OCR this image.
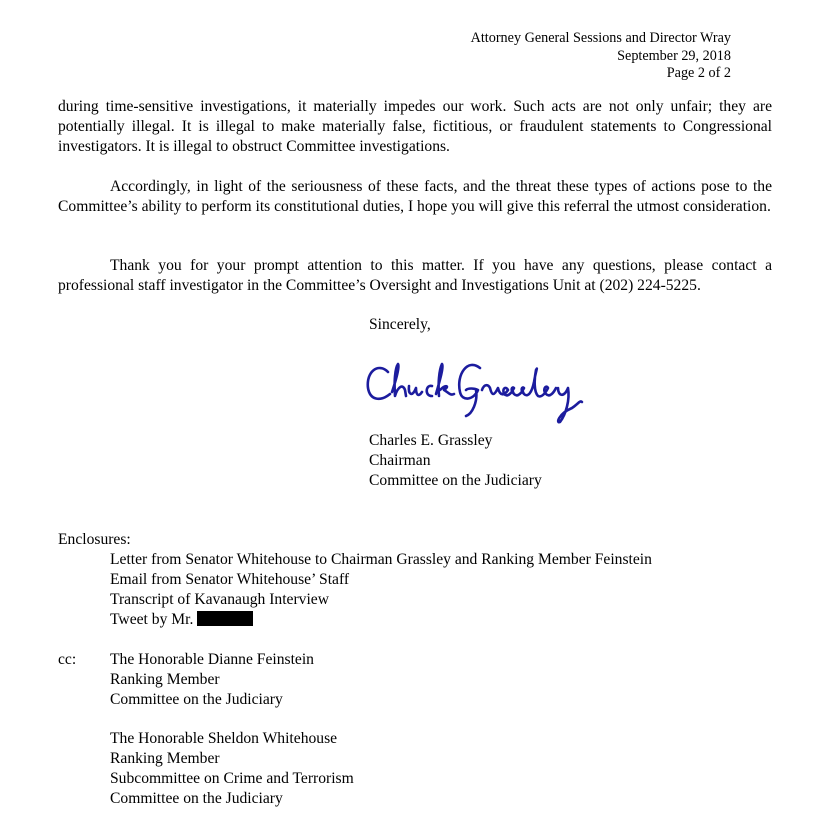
Attorney General Sessions and Director Wray
September 29, 2018
Page 2 of 2

during time-sensitive investigations, it materially impedes our work. Such acts are not only unfair; they are potentially illegal. It is illegal to make materially false, fictitious, or fraudulent statements to Congressional investigators. It is illegal to obstruct Committee investigations.

Accordingly, in light of the seriousness of these facts, and the threat these types of actions pose to the Committee’s ability to perform its constitutional duties, I hope you will give this referral the utmost consideration.

Thank you for your prompt attention to this matter. If you have any questions, please contact a professional staff investigator in the Committee’s Oversight and Investigations Unit at (202) 224-5225.

Sincerely,
Charles E. Grassley
Chairman
Committee on the Judiciary
Enclosures:
Letter from Senator Whitehouse to Chairman Grassley and Ranking Member Feinstein
Email from Senator Whitehouse’ Staff
Transcript of Kavanaugh Interview
Tweet by Mr.
cc: The Honorable Dianne Feinstein
Ranking Member
Committee on the Judiciary
The Honorable Sheldon Whitehouse
Ranking Member
Subcommittee on Crime and Terrorism
Committee on the Judiciary
